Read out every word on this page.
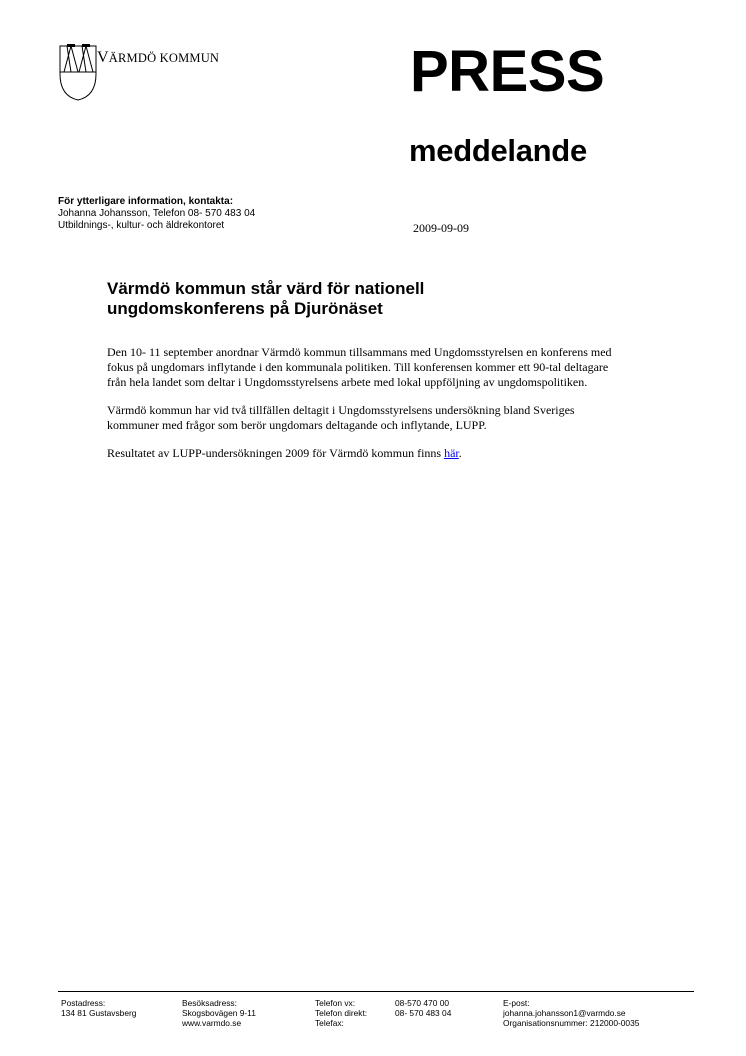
VÄRMDÖ KOMMUN	PRESS
meddelande
För ytterligare information, kontakta:
Johanna Johansson, Telefon 08- 570 483 04
Utbildnings-, kultur- och äldrekontoret	2009-09-09
Värmdö kommun står värd för nationell
ungdomskonferens på Djurönäset

Den 10- 11 september anordnar Värmdö kommun tillsammans med Ungdomsstyrelsen en konferens med fokus på ungdomars inflytande i den kommunala politiken. Till konferensen kommer ett 90-tal deltagare från hela landet som deltar i Ungdomsstyrelsens arbete med lokal uppföljning av ungdomspolitiken.

Värmdö kommun har vid två tillfällen deltagit i Ungdomsstyrelsens undersökning bland Sveriges kommuner med frågor som berör ungdomars deltagande och inflytande, LUPP.

Resultatet av LUPP-undersökningen 2009 för Värmdö kommun finns här.

Postadress:
134 81 Gustavsberg
Besöksadress:
Skogsbovägen 9-11
www.varmdo.se
Telefon vx:
Telefon direkt:
Telefax:
08-570 470 00
08- 570 483 04
E-post:
johanna.johansson1@varmdo.se
Organisationsnummer: 212000-0035
